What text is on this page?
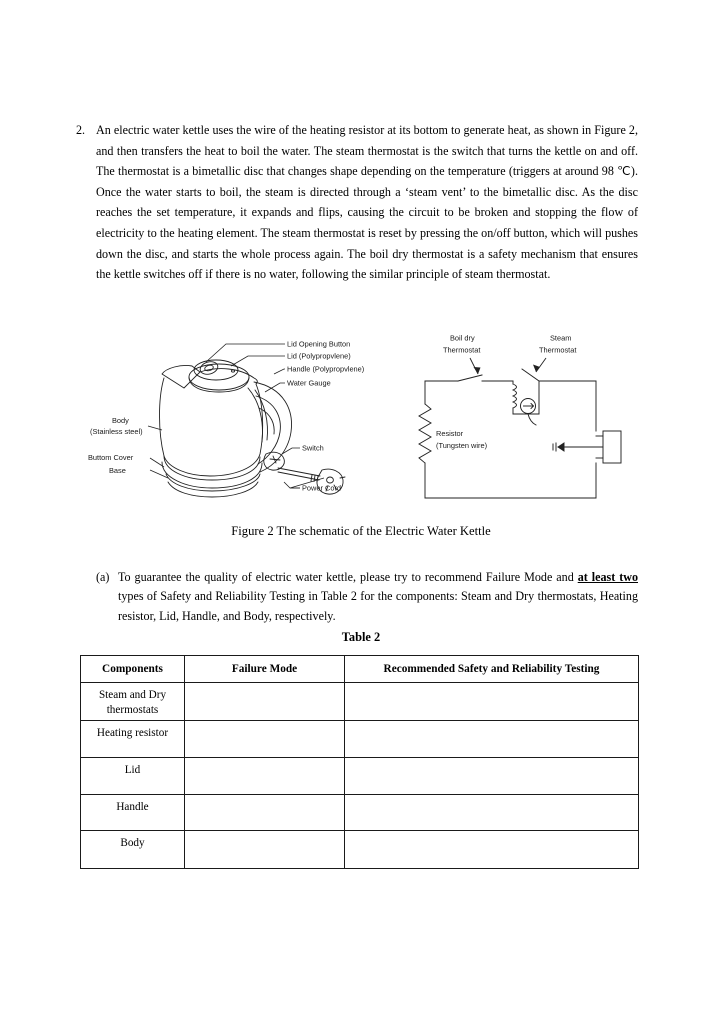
2. An electric water kettle uses the wire of the heating resistor at its bottom to generate heat, as shown in Figure 2, and then transfers the heat to boil the water. The steam thermostat is the switch that turns the kettle on and off. The thermostat is a bimetallic disc that changes shape depending on the temperature (triggers at around 98 ℃). Once the water starts to boil, the steam is directed through a ‘steam vent’ to the bimetallic disc. As the disc reaches the set temperature, it expands and flips, causing the circuit to be broken and stopping the flow of electricity to the heating element. The steam thermostat is reset by pressing the on/off button, which will pushes down the disc, and starts the whole process again. The boil dry thermostat is a safety mechanism that ensures the kettle switches off if there is no water, following the similar principle of steam thermostat.
Lid Opening Button
Lid (Polypropvlene)
Handle (Polypropvlene)
Water Gauge
Body
(Stainless steel)
Buttom Cover
Base
Switch
Power Cord
Boil dry
Thermostat
Steam
Thermostat
Resistor
(Tungsten wire)
Figure 2 The schematic of the Electric Water Kettle
(a) To guarantee the quality of electric water kettle, please try to recommend Failure Mode and at least two types of Safety and Reliability Testing in Table 2 for the components: Steam and Dry thermostats, Heating resistor, Lid, Handle, and Body, respectively.
Table 2
Components	Failure Mode	Recommended Safety and Reliability Testing
Steam and Dry
thermostats		
Heating resistor		
Lid		
Handle		
Body		
